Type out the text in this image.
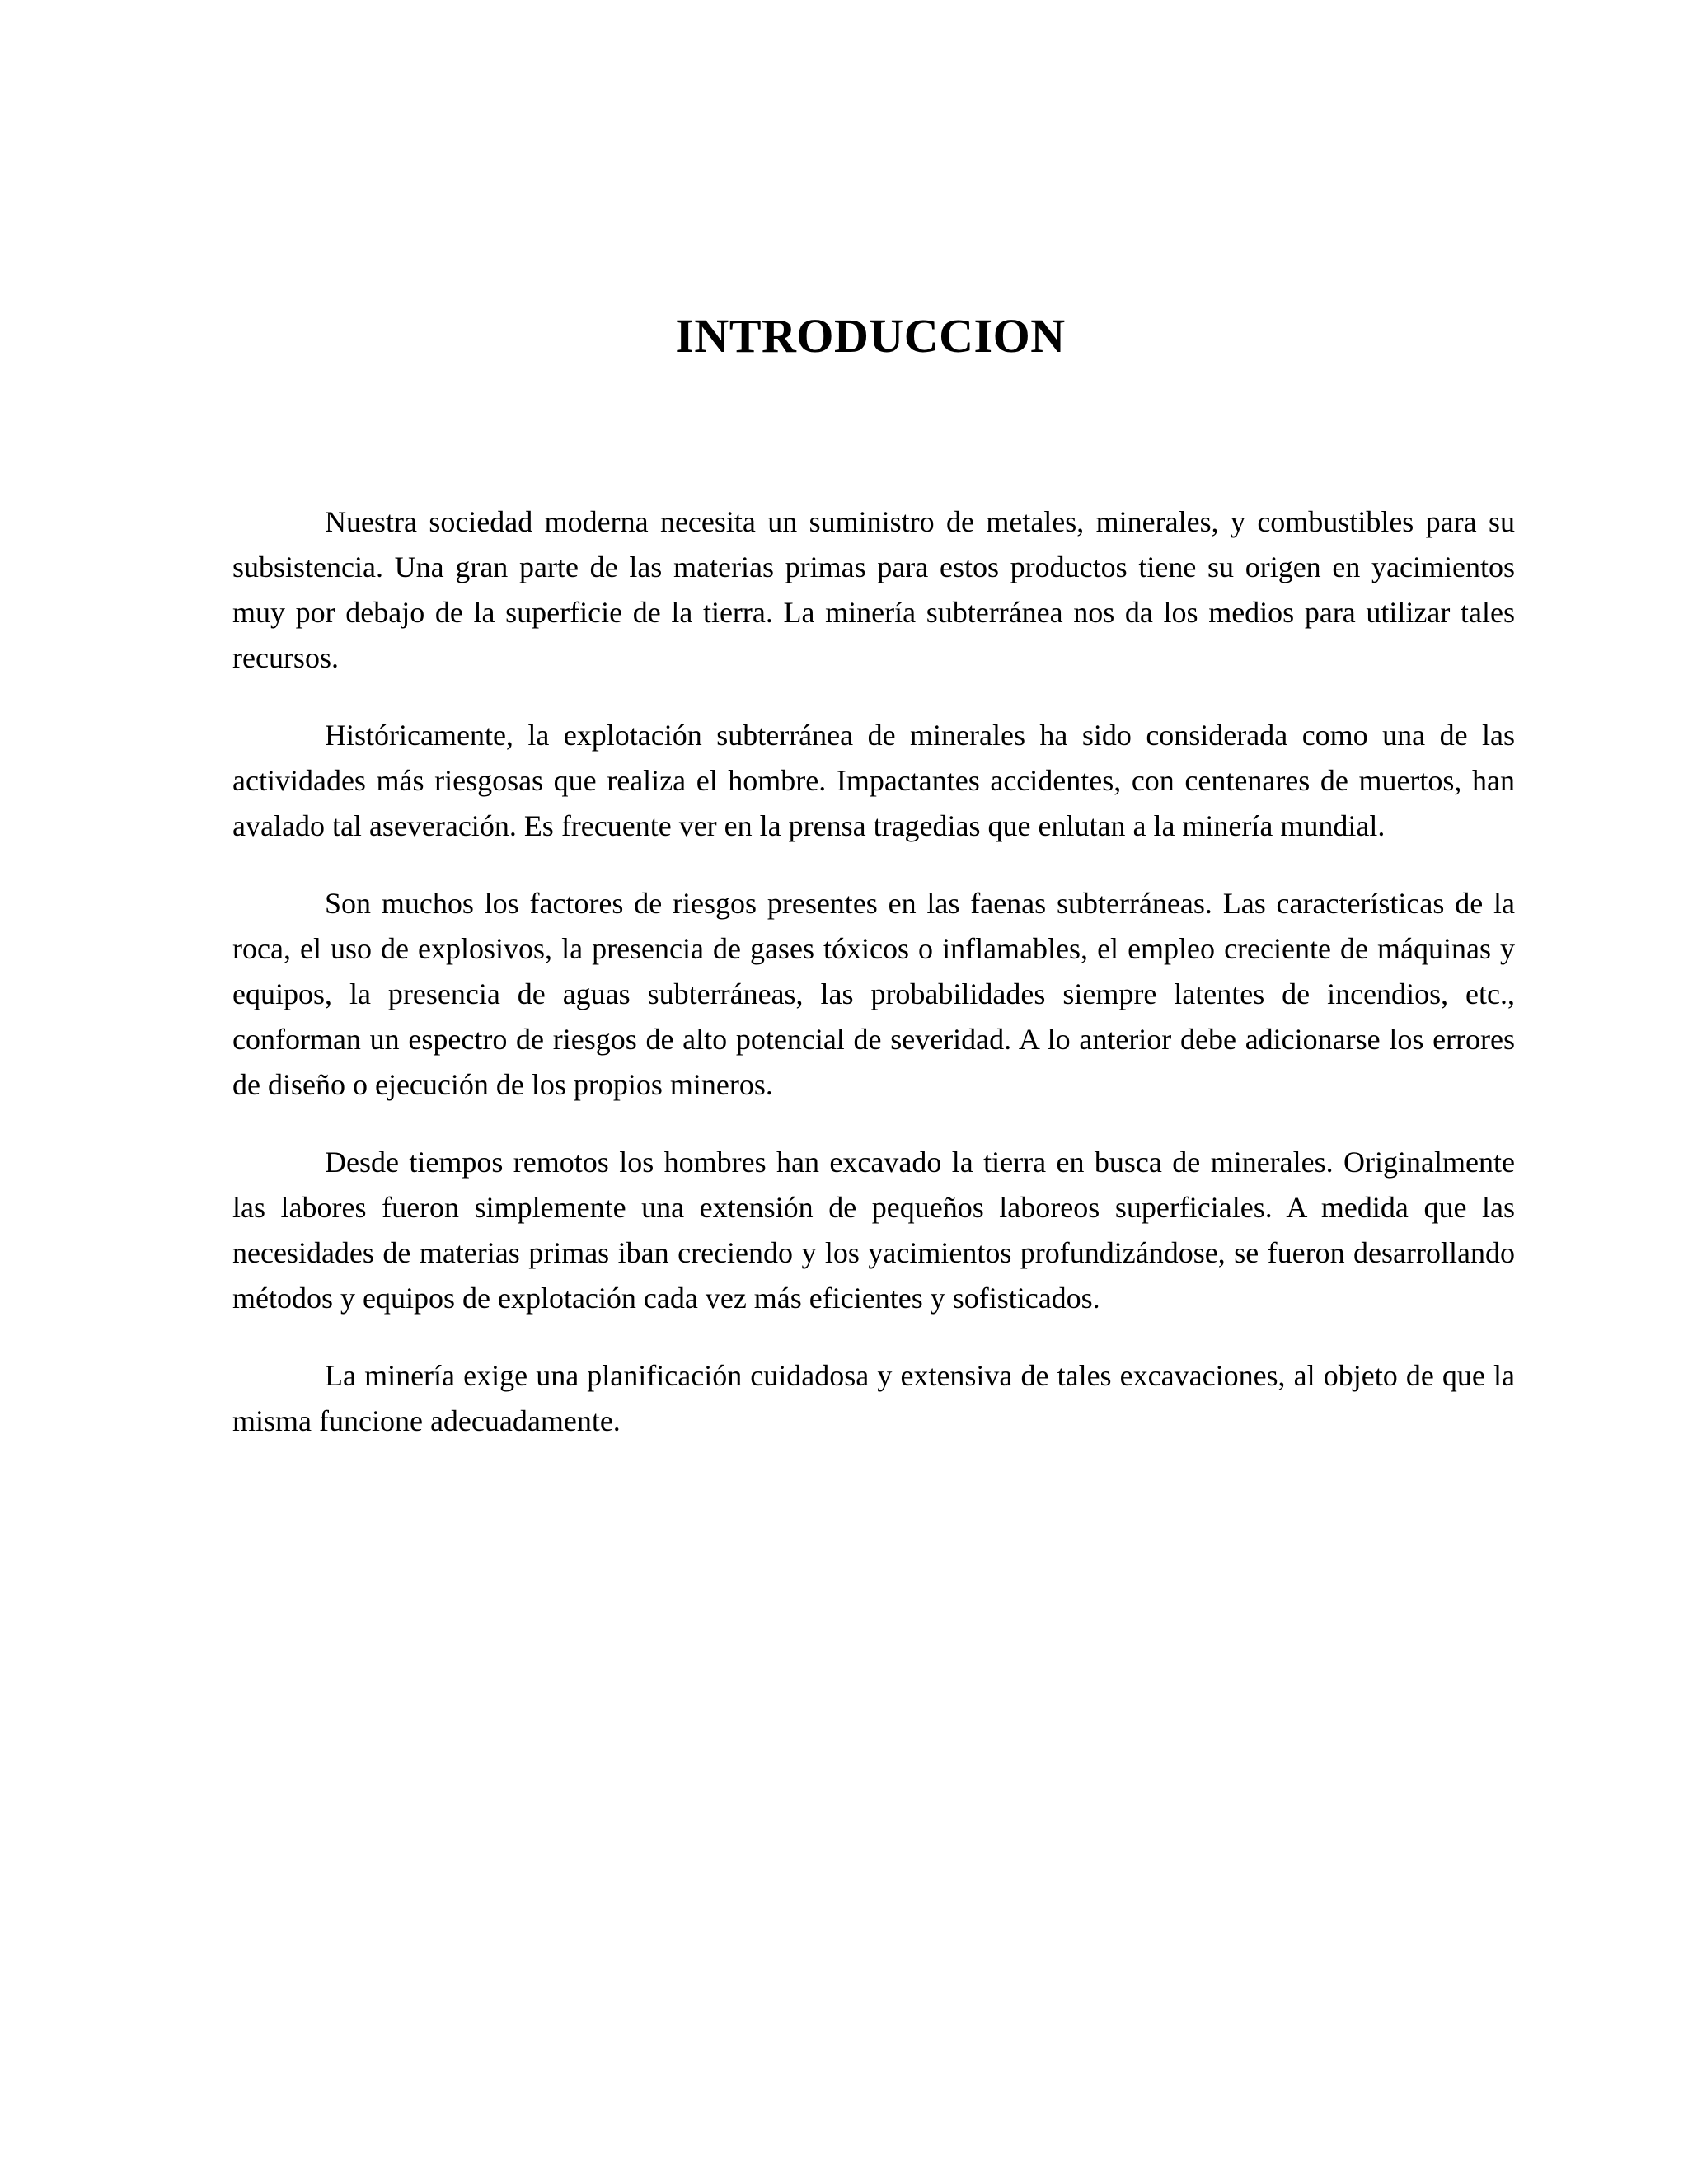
INTRODUCCION

Nuestra sociedad moderna necesita un suministro de metales, minerales, y combustibles para su subsistencia. Una gran parte de las materias primas para estos productos tiene su origen en yacimientos muy por debajo de la superficie de la tierra. La minería subterránea nos da los medios para utilizar tales recursos.

Históricamente, la explotación subterránea de minerales ha sido considerada como una de las actividades más riesgosas que realiza el hombre. Impactantes accidentes, con centenares de muertos, han avalado tal aseveración. Es frecuente ver en la prensa tragedias que enlutan a la minería mundial.

Son muchos los factores de riesgos presentes en las faenas subterráneas. Las características de la roca, el uso de explosivos, la presencia de gases tóxicos o inflamables, el empleo creciente de máquinas y equipos, la presencia de aguas subterráneas, las probabilidades siempre latentes de incendios, etc., conforman un espectro de riesgos de alto potencial de severidad. A lo anterior debe adicionarse los errores de diseño o ejecución de los propios mineros.

Desde tiempos remotos los hombres han excavado la tierra en busca de minerales. Originalmente las labores fueron simplemente una extensión de pequeños laboreos superficiales. A medida que las necesidades de materias primas iban creciendo y los yacimientos profundizándose, se fueron desarrollando métodos y equipos de explotación cada vez más eficientes y sofisticados.

La minería exige una planificación cuidadosa y extensiva de tales excavaciones, al objeto de que la misma funcione adecuadamente.
